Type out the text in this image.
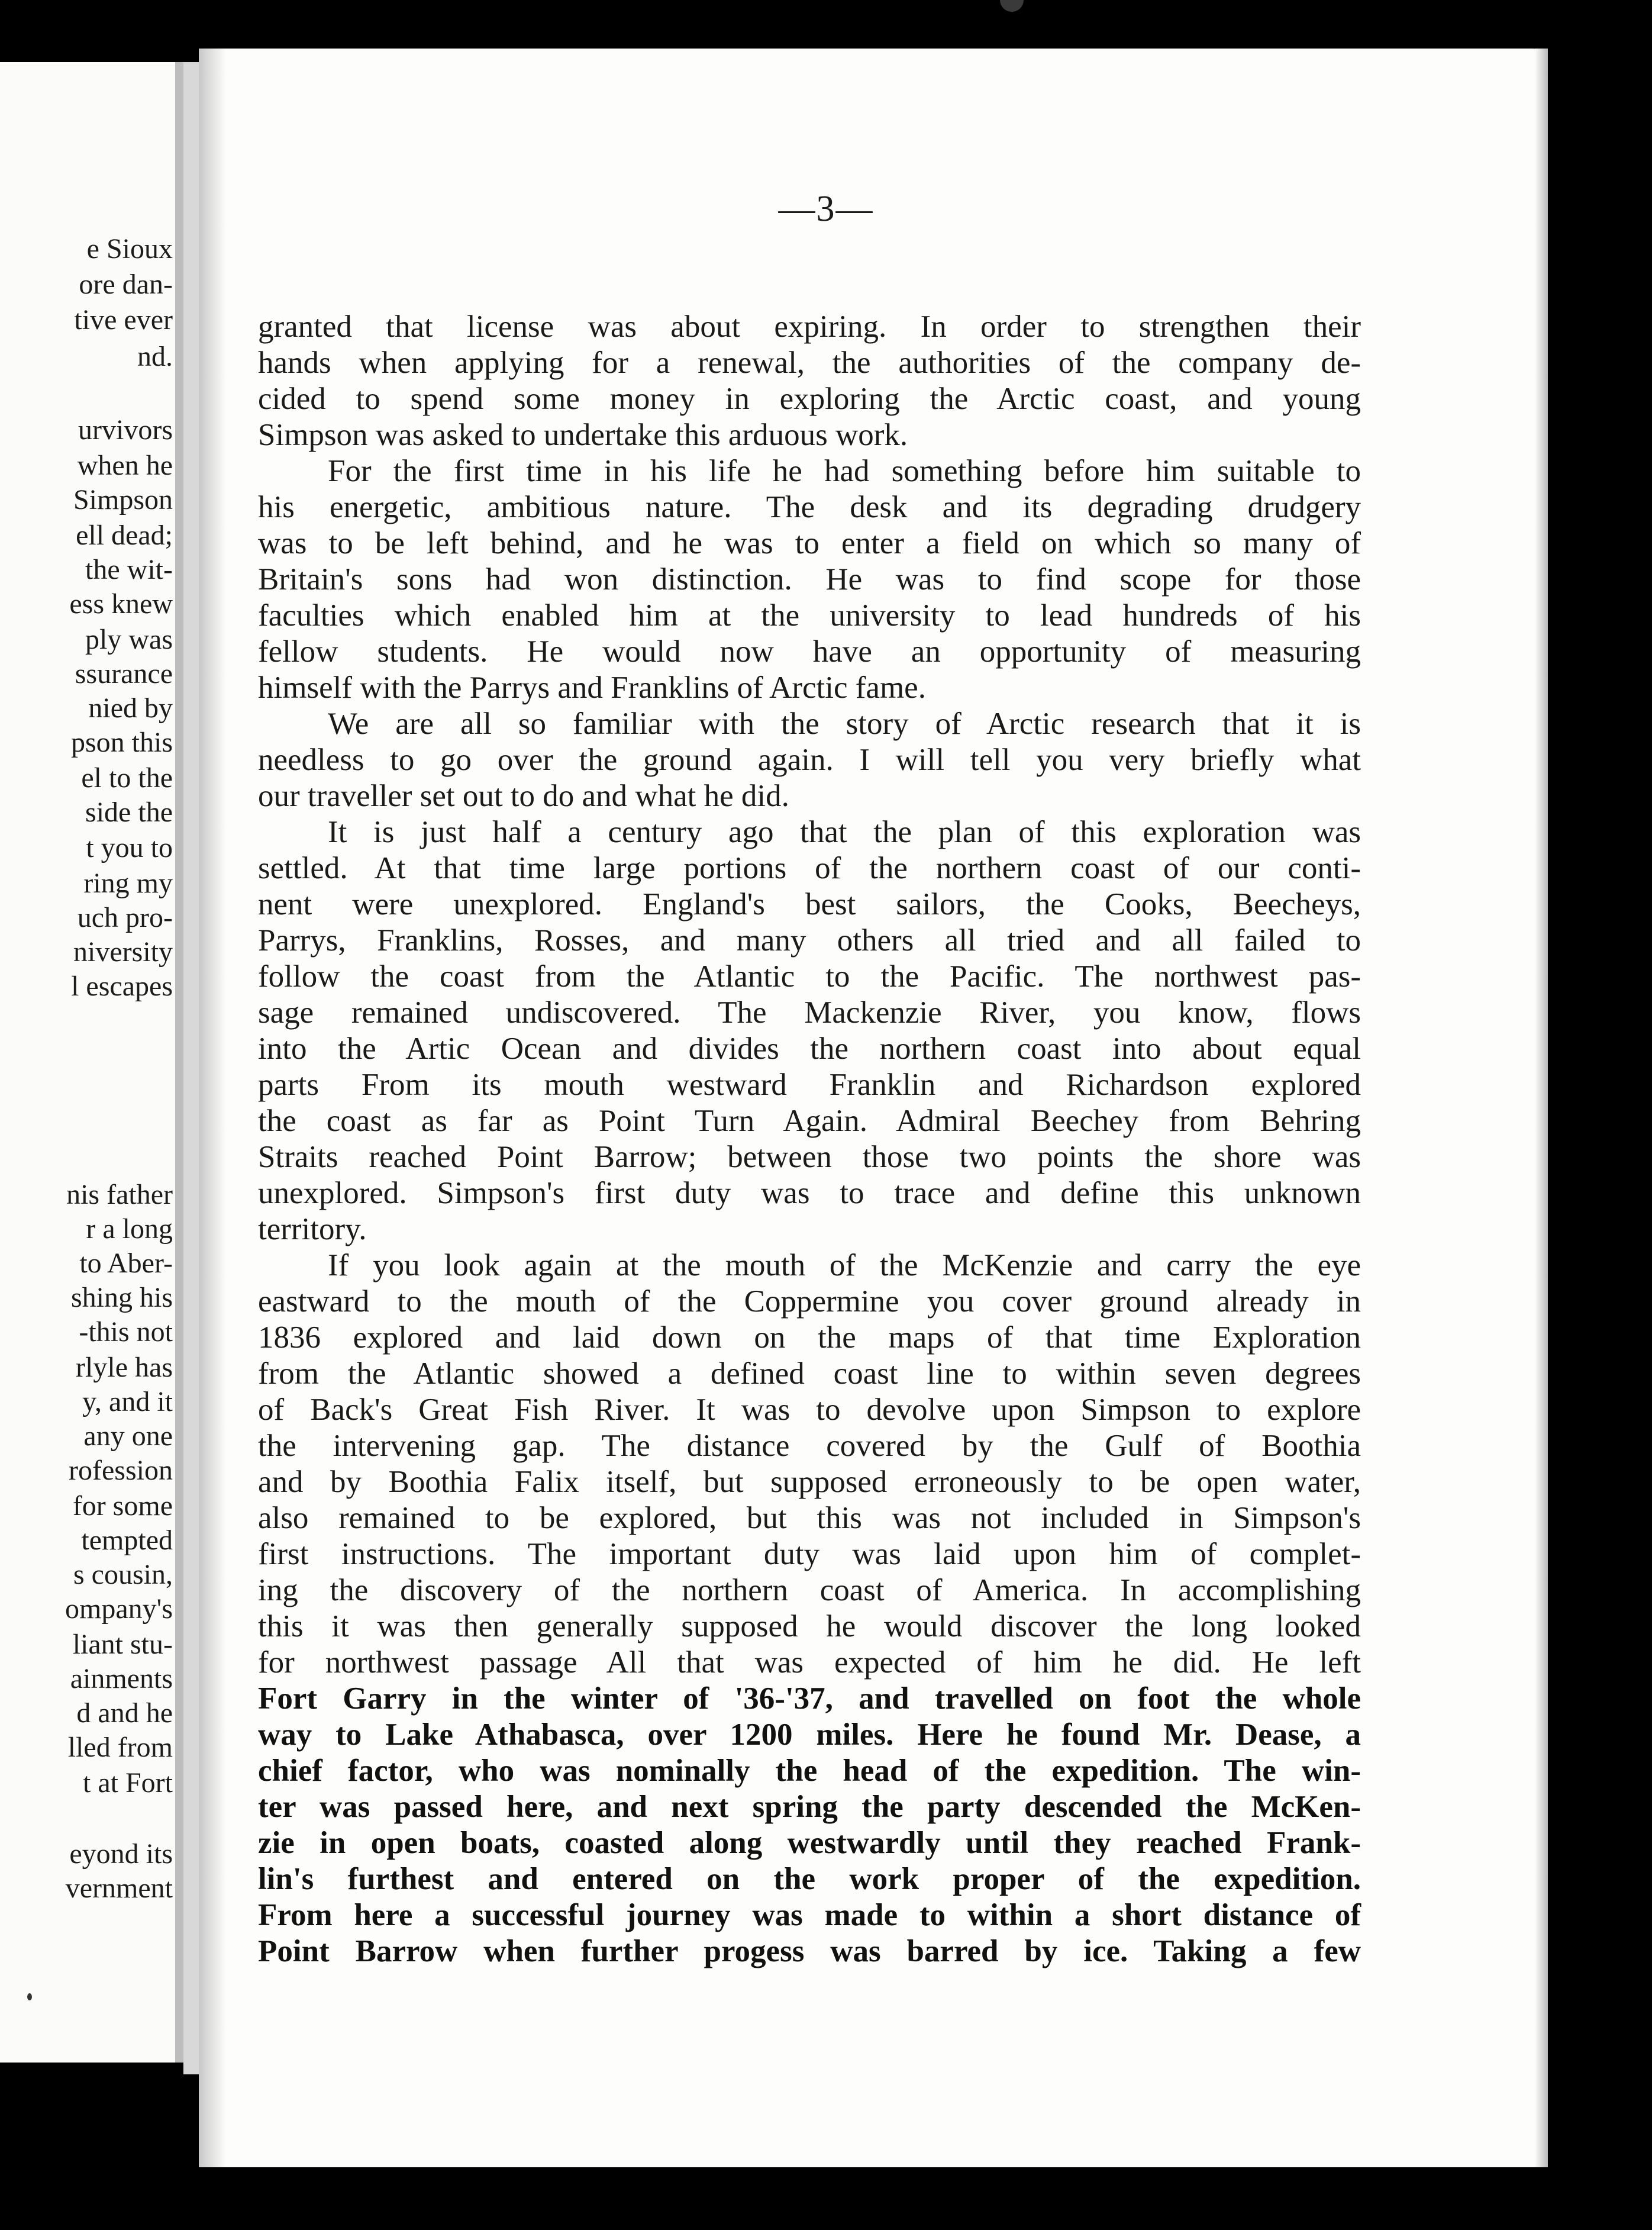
e Sioux
ore dan-
tive ever
nd.
urvivors
when he
Simpson
ell dead;
the wit-
ess knew
ply was
ssurance
nied by
pson this
el to the
side the
t you to
ring my
uch pro-
niversity
l escapes
nis father
r a long
to Aber-
shing his
-this not
rlyle has
y, and it
any one
rofession
for some
tempted
s cousin,
ompany's
liant stu-
ainments
d and he
lled from
t at Fort
eyond its
vernment
—3—
granted that license was about expiring. In order to strengthen their
hands when applying for a renewal, the authorities of the company de-
cided to spend some money in exploring the Arctic coast, and young
Simpson was asked to undertake this arduous work.
For the first time in his life he had something before him suitable to
his energetic, ambitious nature. The desk and its degrading drudgery
was to be left behind, and he was to enter a field on which so many of
Britain's sons had won distinction. He was to find scope for those
faculties which enabled him at the university to lead hundreds of his
fellow students. He would now have an opportunity of measuring
himself with the Parrys and Franklins of Arctic fame.
We are all so familiar with the story of Arctic research that it is
needless to go over the ground again. I will tell you very briefly what
our traveller set out to do and what he did.
It is just half a century ago that the plan of this exploration was
settled. At that time large portions of the northern coast of our conti-
nent were unexplored. England's best sailors, the Cooks, Beecheys,
Parrys, Franklins, Rosses, and many others all tried and all failed to
follow the coast from the Atlantic to the Pacific. The northwest pas-
sage remained undiscovered. The Mackenzie River, you know, flows
into the Artic Ocean and divides the northern coast into about equal
parts From its mouth westward Franklin and Richardson explored
the coast as far as Point Turn Again. Admiral Beechey from Behring
Straits reached Point Barrow; between those two points the shore was
unexplored. Simpson's first duty was to trace and define this unknown
territory.
If you look again at the mouth of the McKenzie and carry the eye
eastward to the mouth of the Coppermine you cover ground already in
1836 explored and laid down on the maps of that time Exploration
from the Atlantic showed a defined coast line to within seven degrees
of Back's Great Fish River. It was to devolve upon Simpson to explore
the intervening gap. The distance covered by the Gulf of Boothia
and by Boothia Falix itself, but supposed erroneously to be open water,
also remained to be explored, but this was not included in Simpson's
first instructions. The important duty was laid upon him of complet-
ing the discovery of the northern coast of America. In accomplishing
this it was then generally supposed he would discover the long looked
for northwest passage All that was expected of him he did. He left
Fort Garry in the winter of '36-'37, and travelled on foot the whole
way to Lake Athabasca, over 1200 miles. Here he found Mr. Dease, a
chief factor, who was nominally the head of the expedition. The win-
ter was passed here, and next spring the party descended the McKen-
zie in open boats, coasted along westwardly until they reached Frank-
lin's furthest and entered on the work proper of the expedition.
From here a successful journey was made to within a short distance of
Point Barrow when further progess was barred by ice. Taking a few
